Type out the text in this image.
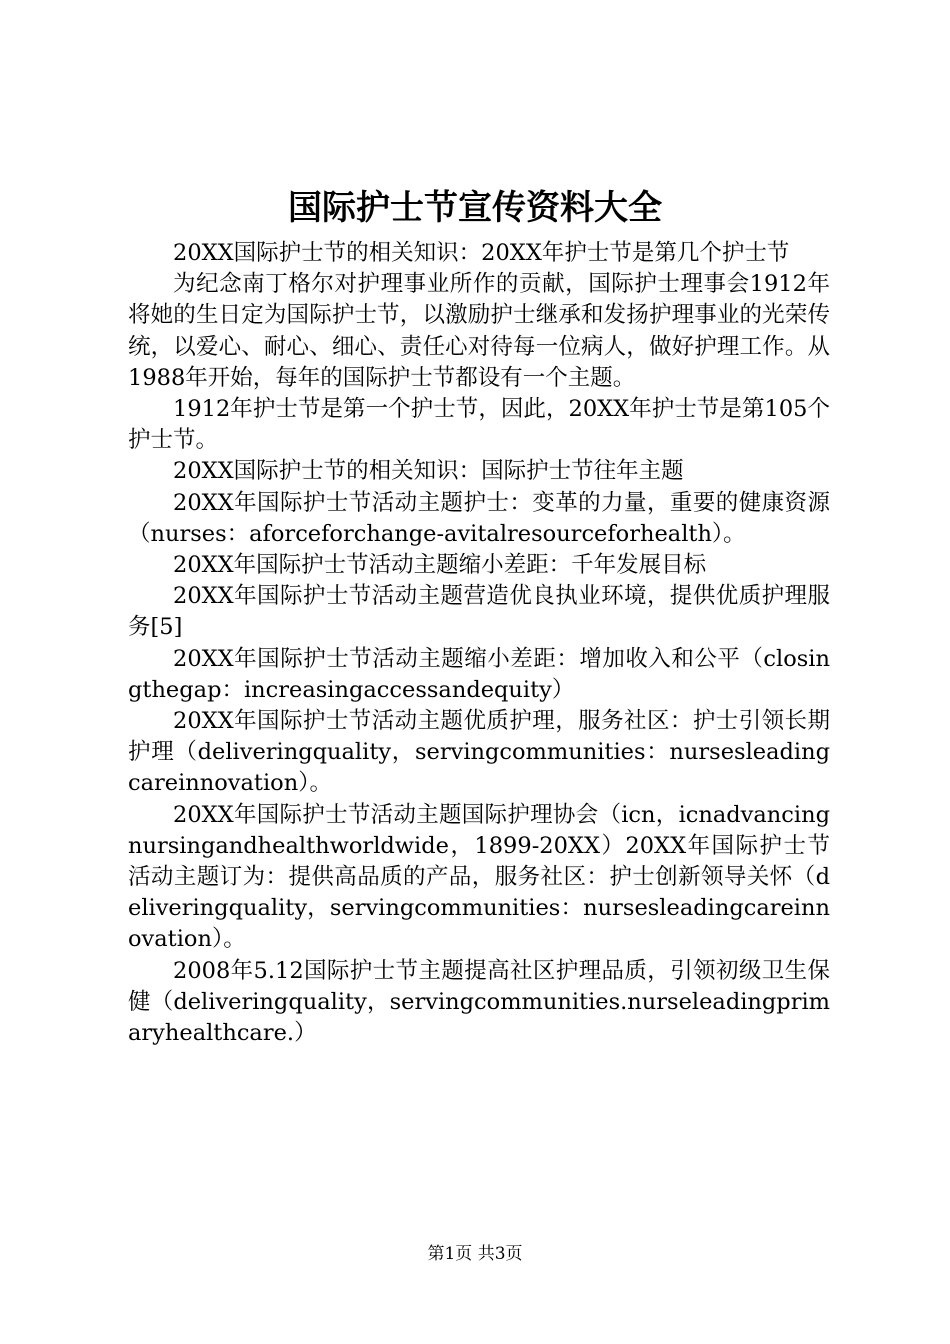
国际护士节宣传资料大全

20XX国际护士节的相关知识：20XX年护士节是第几个护士节

为纪念南丁格尔对护理事业所作的贡献，国际护士理事会1912年将她的生日定为国际护士节，以激励护士继承和发扬护理事业的光荣传统，以爱心、耐心、细心、责任心对待每一位病人，做好护理工作。从1988年开始，每年的国际护士节都设有一个主题。

1912年护士节是第一个护士节，因此，20XX年护士节是第105个护士节。

20XX国际护士节的相关知识：国际护士节往年主题

20XX年国际护士节活动主题护士：变革的力量，重要的健康资源（nurses：aforceforchange-avitalresourceforhealth）。

20XX年国际护士节活动主题缩小差距：千年发展目标

20XX年国际护士节活动主题营造优良执业环境，提供优质护理服务[5]

20XX年国际护士节活动主题缩小差距：增加收入和公平（closingthegap：increasingaccessandequity）

20XX年国际护士节活动主题优质护理，服务社区：护士引领长期护理（deliveringquality，servingcommunities：nursesleadingcareinnovation）。

20XX年国际护士节活动主题国际护理协会（icn，icnadvancingnursingandhealthworldwide，1899-20XX）20XX年国际护士节活动主题订为：提供高品质的产品，服务社区：护士创新领导关怀（deliveringquality，servingcommunities：nursesleadingcareinnovation）。

2008年5.12国际护士节主题提高社区护理品质，引领初级卫生保健（deliveringquality，servingcommunities.nurseleadingprimaryhealthcare.）

第1页 共3页
